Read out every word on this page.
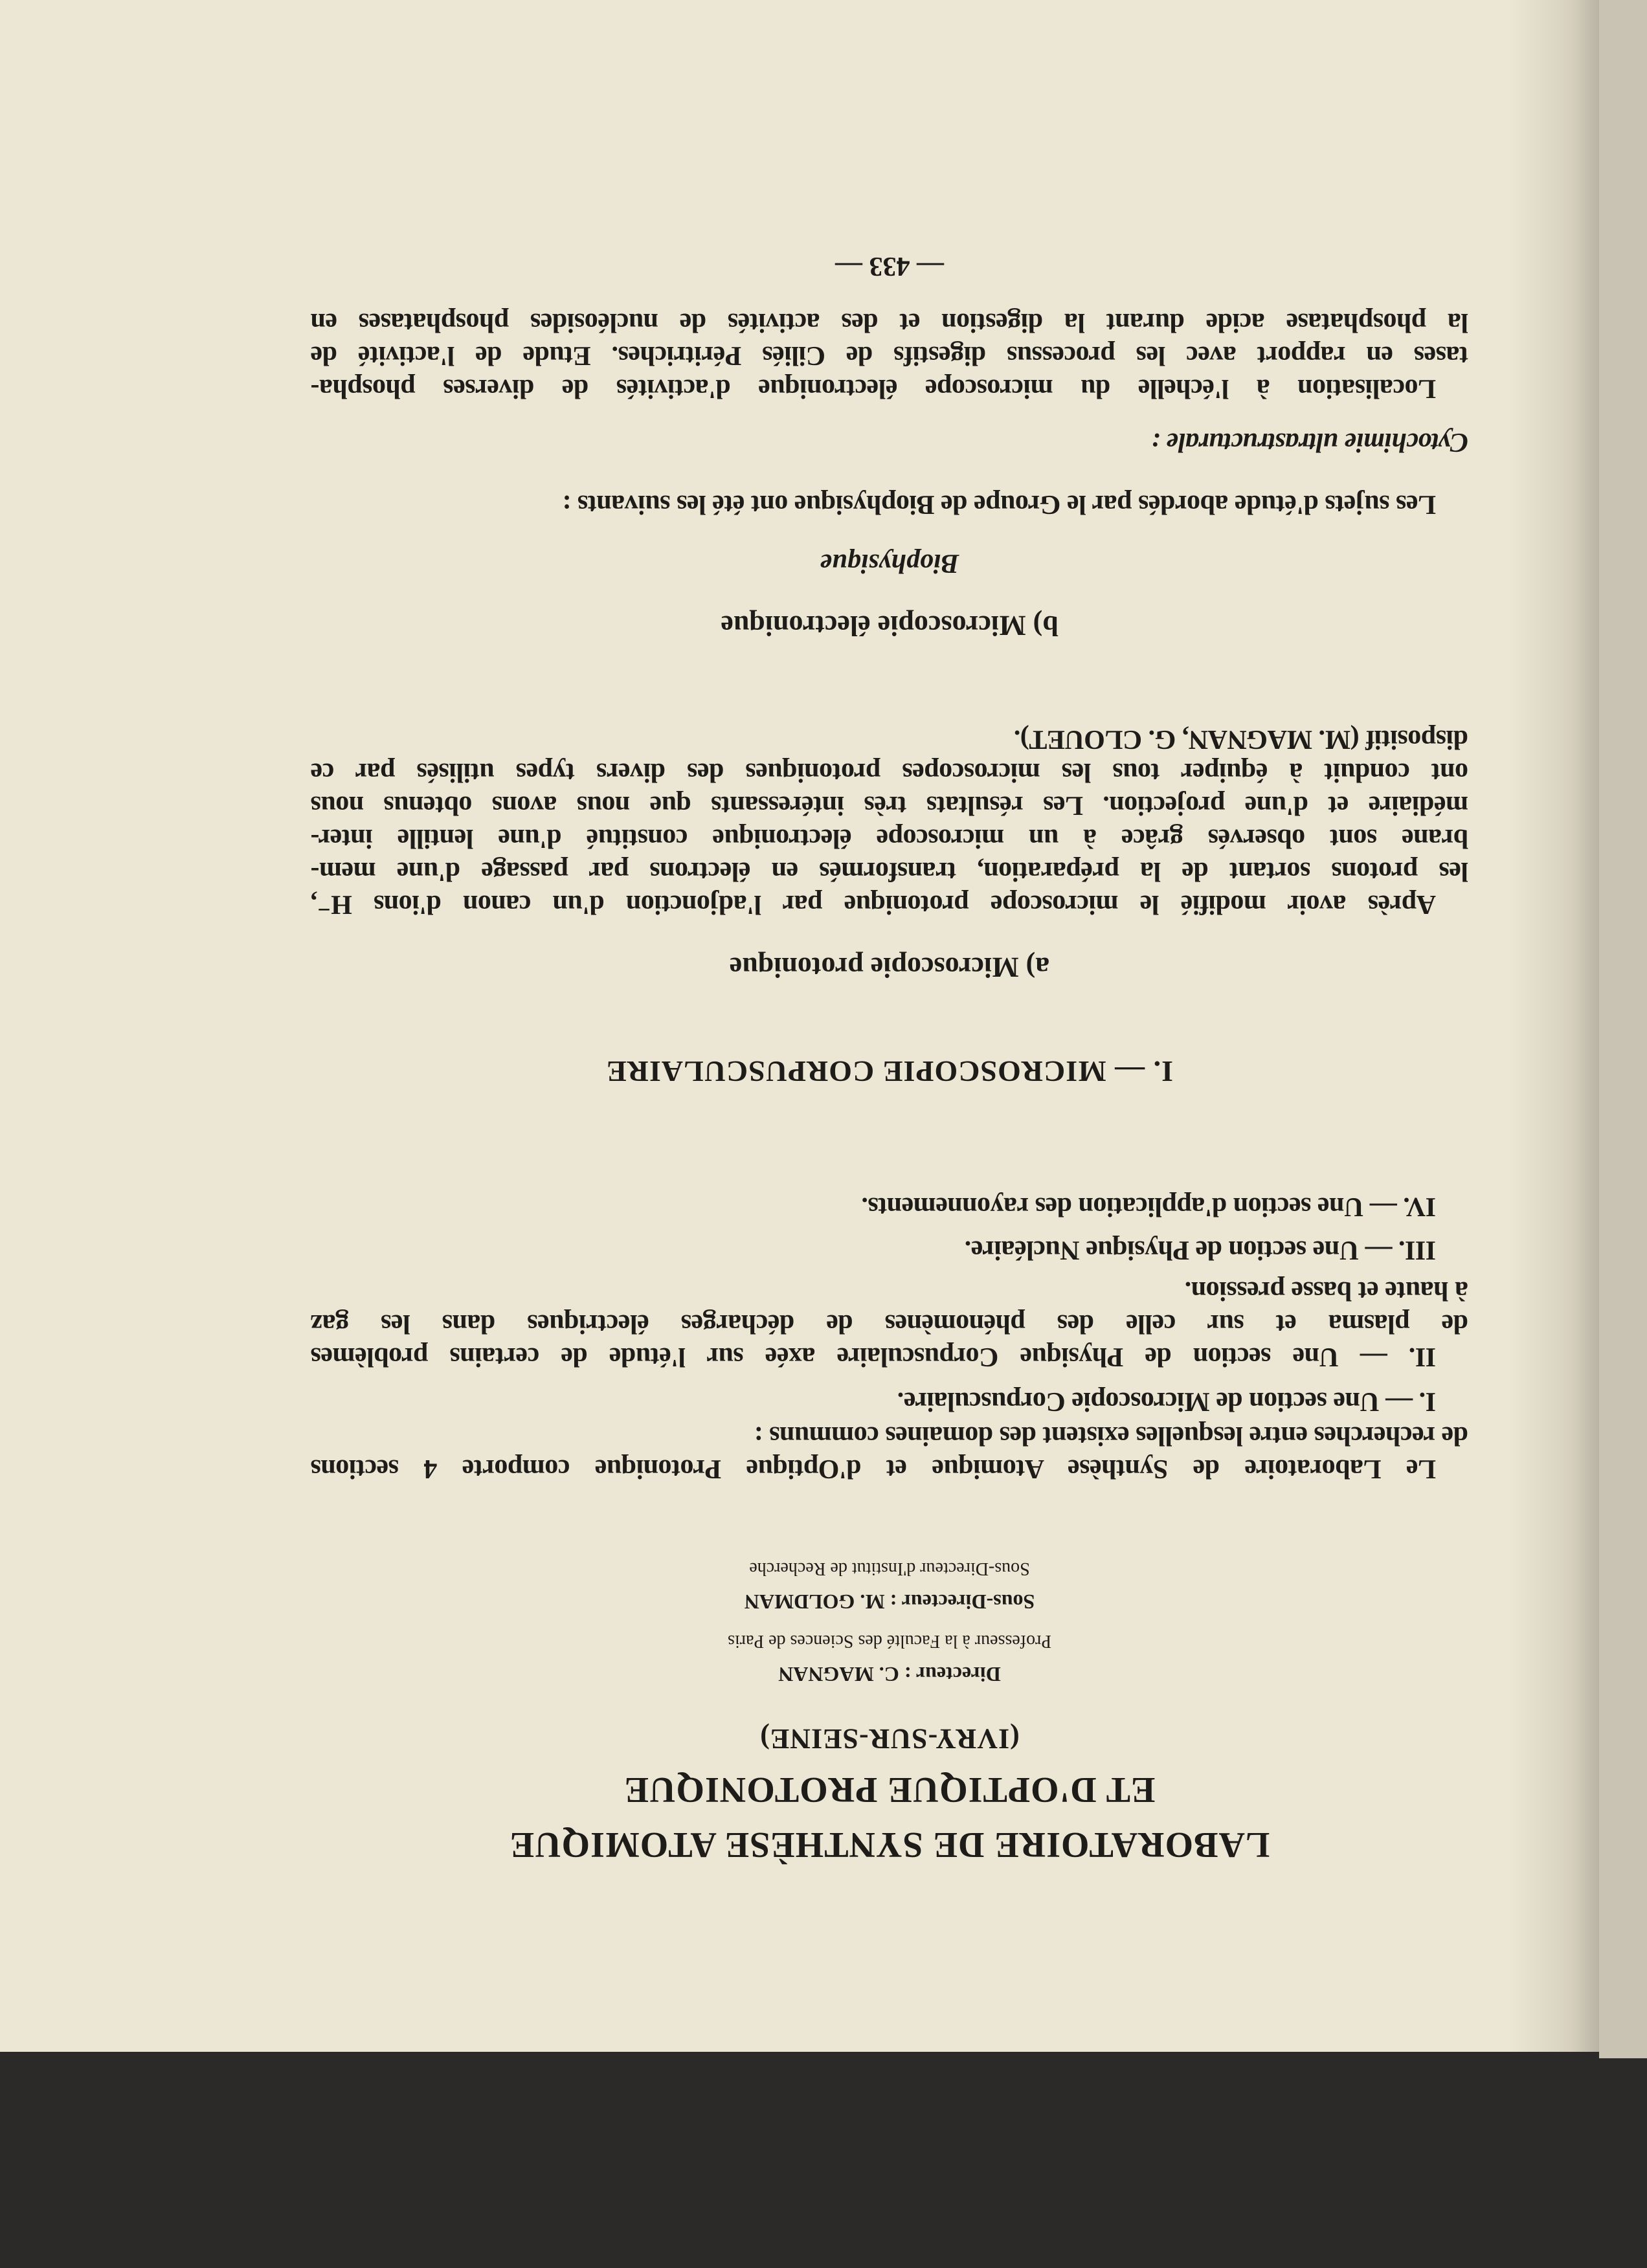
LABORATOIRE DE SYNTHÈSE ATOMIQUE
ET D'OPTIQUE PROTONIQUE
(IVRY-SUR-SEINE)
Directeur : C. MAGNAN
Professeur à la Faculté des Sciences de Paris
Sous-Directeur : M. GOLDMAN
Sous-Directeur d'Institut de Recherche
Le Laboratoire de Synthèse Atomique et d'Optique Protonique comporte 4 sections
de recherches entre lesquelles existent des domaines communs :
I. — Une section de Microscopie Corpusculaire.
II. — Une section de Physique Corpusculaire axée sur l'étude de certains problèmes
de plasma et sur celle des phénomènes de décharges électriques dans les gaz
à haute et basse pression.
III. — Une section de Physique Nucléaire.
IV. — Une section d'application des rayonnements.
I. — MICROSCOPIE CORPUSCULAIRE
a) Microscopie protonique
Après avoir modifié le microscope protonique par l'adjonction d'un canon d'ions H⁻,
les protons sortant de la préparation, transformés en électrons par passage d'une mem-
brane sont observés grâce à un microscope électronique constitué d'une lentille inter-
médiaire et d'une projection. Les résultats très intéressants que nous avons obtenus nous
ont conduit à équiper tous les microscopes protoniques des divers types utilisés par ce
dispositif (M. MAGNAN, G. CLOUET).
b) Microscopie électronique
Biophysique
Les sujets d'étude abordés par le Groupe de Biophysique ont été les suivants :
Cytochimie ultrastructurale :
Localisation à l'échelle du microscope électronique d'activités de diverses phospha-
tases en rapport avec les processus digestifs de Ciliés Péritriches. Etude de l'activité de
la phosphatase acide durant la digestion et des activités de nucléosides phosphatases en
— 433 —
